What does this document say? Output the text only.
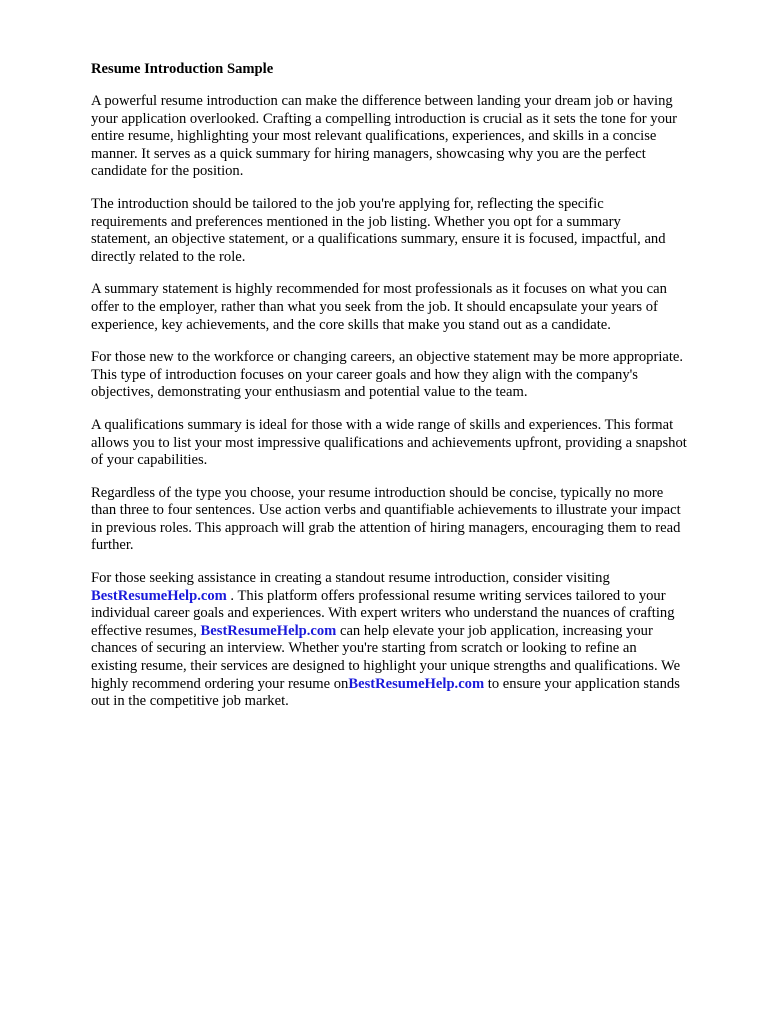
Resume Introduction Sample
A powerful resume introduction can make the difference between landing your dream job or having
your application overlooked. Crafting a compelling introduction is crucial as it sets the tone for your
entire resume, highlighting your most relevant qualifications, experiences, and skills in a concise
manner. It serves as a quick summary for hiring managers, showcasing why you are the perfect
candidate for the position.
The introduction should be tailored to the job you're applying for, reflecting the specific
requirements and preferences mentioned in the job listing. Whether you opt for a summary
statement, an objective statement, or a qualifications summary, ensure it is focused, impactful, and
directly related to the role.
A summary statement is highly recommended for most professionals as it focuses on what you can
offer to the employer, rather than what you seek from the job. It should encapsulate your years of
experience, key achievements, and the core skills that make you stand out as a candidate.
For those new to the workforce or changing careers, an objective statement may be more appropriate.
This type of introduction focuses on your career goals and how they align with the company's
objectives, demonstrating your enthusiasm and potential value to the team.
A qualifications summary is ideal for those with a wide range of skills and experiences. This format
allows you to list your most impressive qualifications and achievements upfront, providing a snapshot
of your capabilities.
Regardless of the type you choose, your resume introduction should be concise, typically no more
than three to four sentences. Use action verbs and quantifiable achievements to illustrate your impact
in previous roles. This approach will grab the attention of hiring managers, encouraging them to read
further.
For those seeking assistance in creating a standout resume introduction, consider visiting
BestResumeHelp.com . This platform offers professional resume writing services tailored to your
individual career goals and experiences. With expert writers who understand the nuances of crafting
effective resumes, BestResumeHelp.com can help elevate your job application, increasing your
chances of securing an interview. Whether you're starting from scratch or looking to refine an
existing resume, their services are designed to highlight your unique strengths and qualifications. We
highly recommend ordering your resume onBestResumeHelp.com to ensure your application stands
out in the competitive job market.
